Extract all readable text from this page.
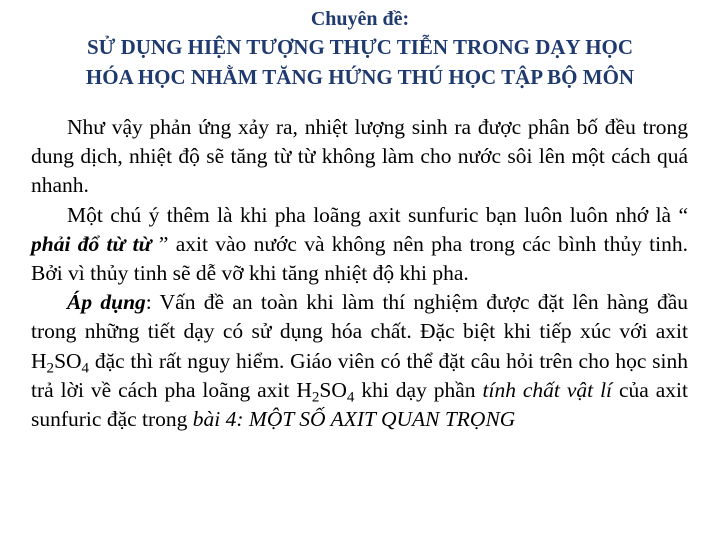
Chuyên đề:
SỬ DỤNG HIỆN TƯỢNG THỰC TIỄN TRONG DẠY HỌC
HÓA HỌC NHẰM TĂNG HỨNG THÚ HỌC TẬP BỘ MÔN

Như vậy phản ứng xảy ra, nhiệt lượng sinh ra được phân bố đều trong dung dịch, nhiệt độ sẽ tăng từ từ không làm cho nước sôi lên một cách quá nhanh.

Một chú ý thêm là khi pha loãng axit sunfuric bạn luôn luôn nhớ là “ phải đổ từ từ ” axit vào nước và không nên pha trong các bình thủy tinh. Bởi vì thủy tinh sẽ dễ vỡ khi tăng nhiệt độ khi pha.

Áp dụng: Vấn đề an toàn khi làm thí nghiệm được đặt lên hàng đầu trong những tiết dạy có sử dụng hóa chất. Đặc biệt khi tiếp xúc với axit $H_2SO_4$ đặc thì rất nguy hiểm. Giáo viên có thể đặt câu hỏi trên cho học sinh trả lời về cách pha loãng axit $H_2SO_4$ khi dạy phần tính chất vật lí của axit sunfuric đặc trong bài 4: MỘT SỐ AXIT QUAN TRỌNG
